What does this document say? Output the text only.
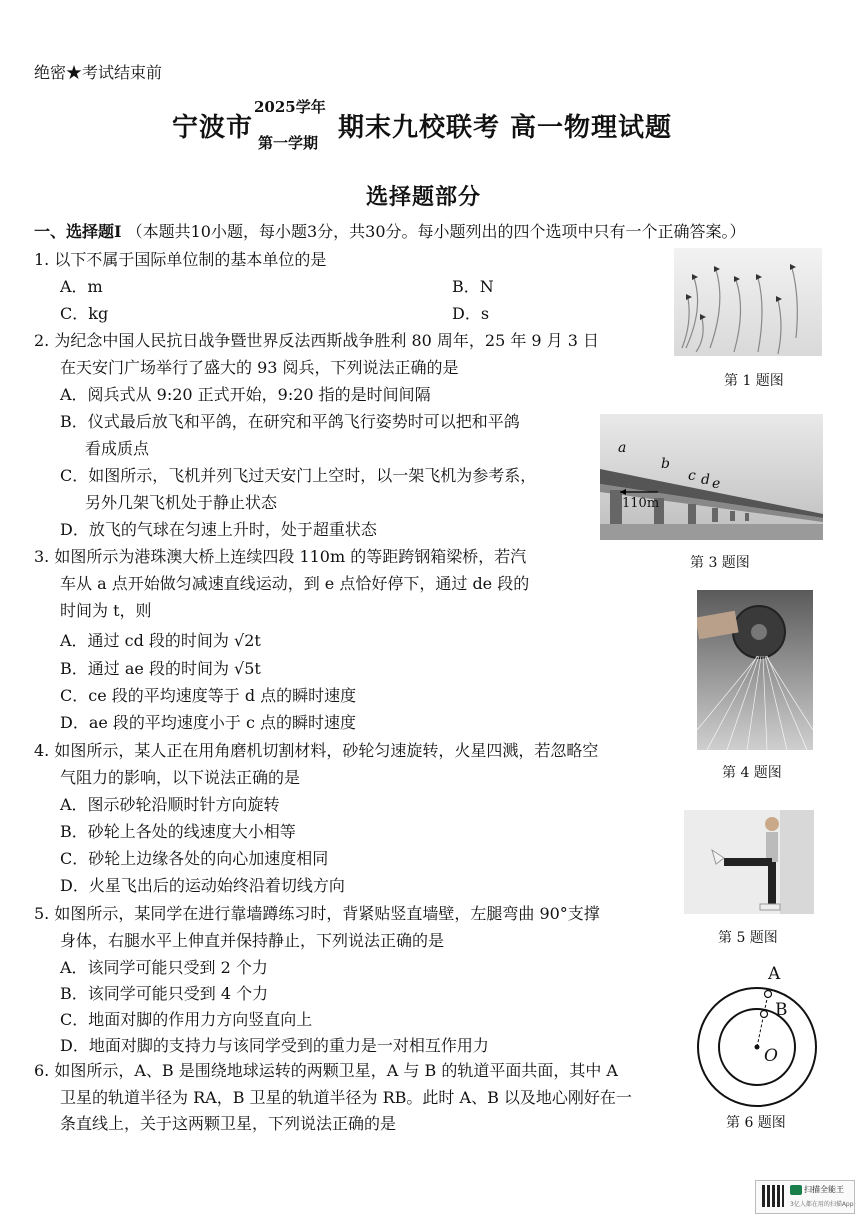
绝密★考试结束前
宁波市
2025学年
第一学期 期末九校联考 高一物理试题
选择题部分
一、选择题Ⅰ （本题共10小题，每小题3分，共30分。每小题列出的四个选项中只有一个正确答案。）
1. 以下不属于国际单位制的基本单位的是
A．m	B．N
C．kg	D．s
2. 为纪念中国人民抗日战争暨世界反法西斯战争胜利 80 周年，25 年 9 月 3 日
在天安门广场举行了盛大的 93 阅兵，下列说法正确的是
A．阅兵式从 9:20 正式开始，9:20 指的是时间间隔
B．仪式最后放飞和平鸽，在研究和平鸽飞行姿势时可以把和平鸽
看成质点
C．如图所示，飞机并列飞过天安门上空时，以一架飞机为参考系，
另外几架飞机处于静止状态
D．放飞的气球在匀速上升时，处于超重状态
3. 如图所示为港珠澳大桥上连续四段 110m 的等距跨钢箱梁桥，若汽
车从 a 点开始做匀减速直线运动，到 e 点恰好停下，通过 de 段的
时间为 t，则
A．通过 cd 段的时间为 √2t
B．通过 ae 段的时间为 √5t
C．ce 段的平均速度等于 d 点的瞬时速度
D．ae 段的平均速度小于 c 点的瞬时速度
4. 如图所示，某人正在用角磨机切割材料，砂轮匀速旋转，火星四溅，若忽略空
气阻力的影响，以下说法正确的是
A．图示砂轮沿顺时针方向旋转
B．砂轮上各处的线速度大小相等
C．砂轮上边缘各处的向心加速度相同
D．火星飞出后的运动始终沿着切线方向
5. 如图所示，某同学在进行靠墙蹲练习时，背紧贴竖直墙壁，左腿弯曲 90°支撑
身体，右腿水平上伸直并保持静止，下列说法正确的是
A．该同学可能只受到 2 个力
B．该同学可能只受到 4 个力
C．地面对脚的作用力方向竖直向上
D．地面对脚的支持力与该同学受到的重力是一对相互作用力
6. 如图所示，A、B 是围绕地球运转的两颗卫星，A 与 B 的轨道平面共面，其中 A
卫星的轨道半径为 RA，B 卫星的轨道半径为 RB。此时 A、B 以及地心刚好在一
条直线上，关于这两颗卫星，下列说法正确的是
第 1 题图
a
b
c d e
110m
第 3 题图
第 4 题图
第 5 题图
A
B
O
第 6 题图
扫描全能王
3亿人都在用的扫描App
